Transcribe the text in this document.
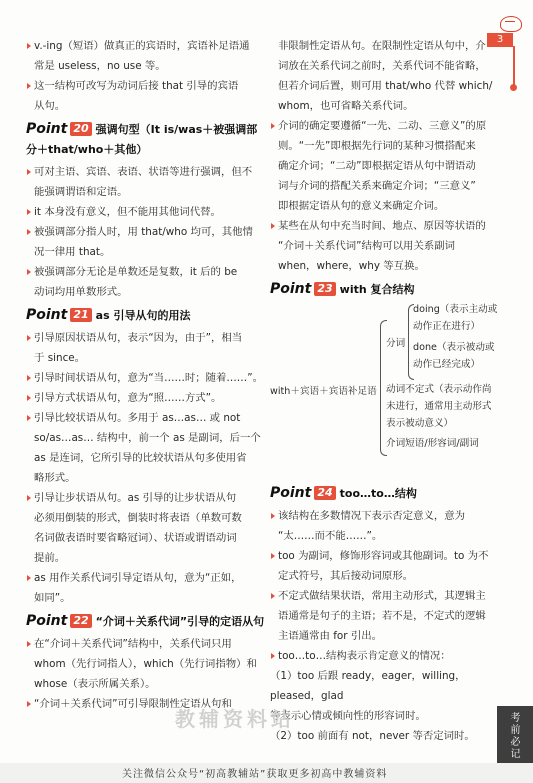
3
v.-ing（短语）做真正的宾语时，宾语补足语通
常是 useless，no use 等。
这一结构可改写为动词后接 that 引导的宾语
从句。
Point 20 强调句型（It is/was＋被强调部
分＋that/who＋其他）
可对主语、宾语、表语、状语等进行强调，但不
能强调谓语和定语。
it 本身没有意义，但不能用其他词代替。
被强调部分指人时，用 that/who 均可，其他情
况一律用 that。
被强调部分无论是单数还是复数，it 后的 be
动词均用单数形式。
Point 21 as 引导从句的用法
引导原因状语从句，表示“因为，由于”，相当
于 since。
引导时间状语从句，意为“当……时；随着……”。
引导方式状语从句，意为“照……方式”。
引导比较状语从句。多用于 as…as… 或 not
so/as…as… 结构中，前一个 as 是副词，后一个
as 是连词，它所引导的比较状语从句多使用省
略形式。
引导让步状语从句。as 引导的让步状语从句
必须用倒装的形式，倒装时将表语（单数可数
名词做表语时要省略冠词）、状语或谓语动词
提前。
as 用作关系代词引导定语从句，意为“正如，
如同”。
Point 22 “介词＋关系代词”引导的定语从句
在“介词＋关系代词”结构中，关系代词只用
whom（先行词指人），which（先行词指物）和
whose（表示所属关系）。
“介词＋关系代词”可引导限制性定语从句和
非限制性定语从句。在限制性定语从句中，介
词放在关系代词之前时，关系代词不能省略，
但若介词后置，则可用 that/who 代替 which/
whom，也可省略关系代词。
介词的确定要遵循“一先、二动、三意义”的原
则。“一先”即根据先行词的某种习惯搭配来
确定介词；“二动”即根据定语从句中谓语动
词与介词的搭配关系来确定介词；“三意义”
即根据定语从句的意义来确定介词。
某些在从句中充当时间、地点、原因等状语的
“介词＋关系代词”结构可以用关系副词
when，where，why 等互换。
Point 23 with 复合结构
with＋宾语＋宾语补足语
分词
doing（表示主动或
动作正在进行）
done（表示被动或
动作已经完成）
动词不定式（表示动作尚
未进行，通常用主动形式
表示被动意义）
介词短语/形容词/副词
Point 24 too…to…结构
该结构在多数情况下表示否定意义，意为
“太……而不能……”。
too 为副词，修饰形容词或其他副词。to 为不
定式符号，其后接动词原形。
不定式做结果状语，常用主动形式，其逻辑主
语通常是句子的主语；若不是，不定式的逻辑
主语通常由 for 引出。
too…to…结构表示肯定意义的情况：
（1）too 后跟 ready，eager，willing，pleased，glad
等表示心情或倾向性的形容词时。
（2）too 前面有 not，never 等否定词时。
教辅资料站	考前必记
关注微信公众号“初高教辅站”获取更多初高中教辅资料
